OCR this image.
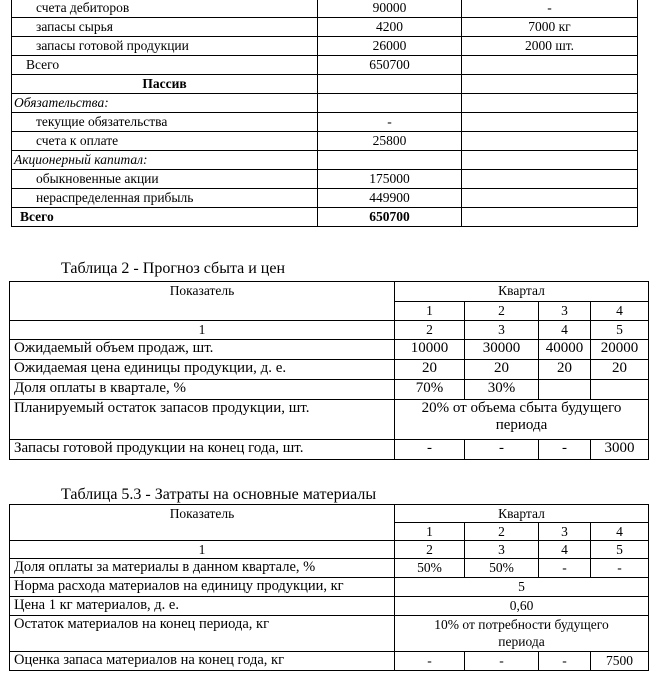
счета дебиторов	90000	-
запасы сырья	4200	7000 кг
запасы готовой продукции	26000	2000 шт.
Всего	650700	
Пассив		
Обязательства:		
текущие обязательства	-	
счета к оплате	25800	
Акционерный капитал:		
обыкновенные акции	175000	
нераспределенная прибыль	449900	
Всего	650700	
Таблица 2 - Прогноз сбыта и цен
Показатель	Квартал			
	1	2	3	4
1	2	3	4	5
Ожидаемый объем продаж, шт.	10000	30000	40000	20000
Ожидаемая цена единицы продукции, д. е.	20	20	20	20
Доля оплаты в квартале, %	70%	30%		
Планируемый остаток запасов продукции, шт.	20% от объема сбыта будущего периода			
Запасы готовой продукции на конец года, шт.	-	-	-	3000
Таблица 5.3 - Затраты на основные материалы
Показатель	Квартал			
	1	2	3	4
1	2	3	4	5
Доля оплаты за материалы в данном квартале, %	50%	50%	-	-
Норма расхода материалов на единицу продукции, кг	5			
Цена 1 кг материалов, д. е.	0,60			
Остаток материалов на конец периода, кг	10% от потребности будущего периода			
Оценка запаса материалов на конец года, кг	-	-	-	7500
